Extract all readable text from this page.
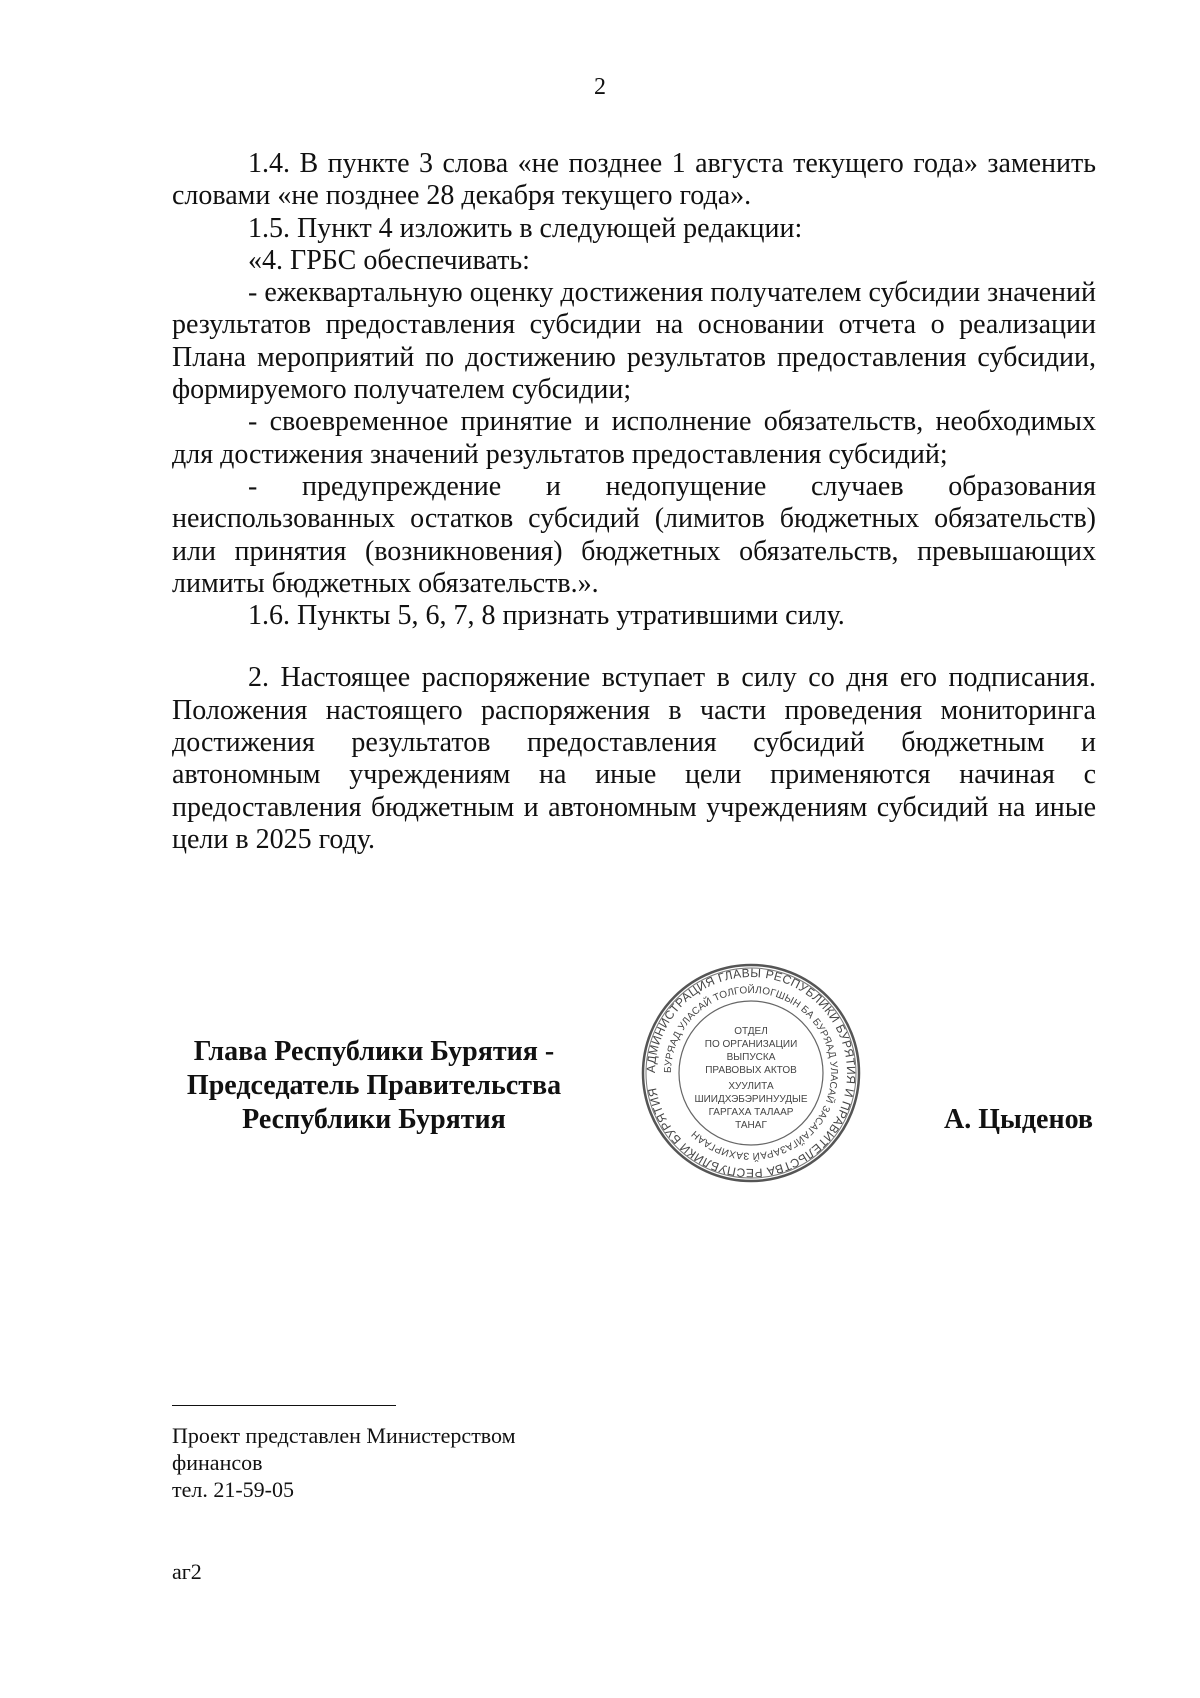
2

1.4. В пункте 3 слова «не позднее 1 августа текущего года» заменить словами «не позднее 28 декабря текущего года».

1.5. Пункт 4 изложить в следующей редакции:

«4. ГРБС обеспечивать:

- ежеквартальную оценку достижения получателем субсидии значений результатов предоставления субсидии на основании отчета о реализации Плана мероприятий по достижению результатов предоставления субсидии, формируемого получателем субсидии;

- своевременное принятие и исполнение обязательств, необходимых для достижения значений результатов предоставления субсидий;

- предупреждение и недопущение случаев образования неиспользованных остатков субсидий (лимитов бюджетных обязательств) или принятия (возникновения) бюджетных обязательств, превышающих лимиты бюджетных обязательств.».

1.6. Пункты 5, 6, 7, 8 признать утратившими силу.

2. Настоящее распоряжение вступает в силу со дня его подписания. Положения настоящего распоряжения в части проведения мониторинга достижения результатов предоставления субсидий бюджетным и автономным учреждениям на иные цели применяются начиная с предоставления бюджетным и автономным учреждениям субсидий на иные цели в 2025 году.

Глава Республики Бурятия -
Председатель Правительства
Республики Бурятия
АДМИНИСТРАЦИЯ ГЛАВЫ РЕСПУБЛИКИ БУРЯТИЯ И ПРАВИТЕЛЬСТВА РЕСПУБЛИКИ БУРЯТИЯ
БУРЯАД УЛАСАЙ ТОЛГОЙЛОГШЫН БА БУРЯАД УЛАСАЙ ЗАСАГАЙГАЗАРАЙ ЗАХИРГААН
ОТДЕЛ
ПО ОРГАНИЗАЦИИ
ВЫПУСКА
ПРАВОВЫХ АКТОВ
ХУУЛИТА
ШИИДХЭБЭРИНУУДЫЕ
ГАРГАХА ТАЛААР
ТАНАГ	А. Цыденов
Проект представлен Министерством
финансов
тел. 21-59-05
аг2
